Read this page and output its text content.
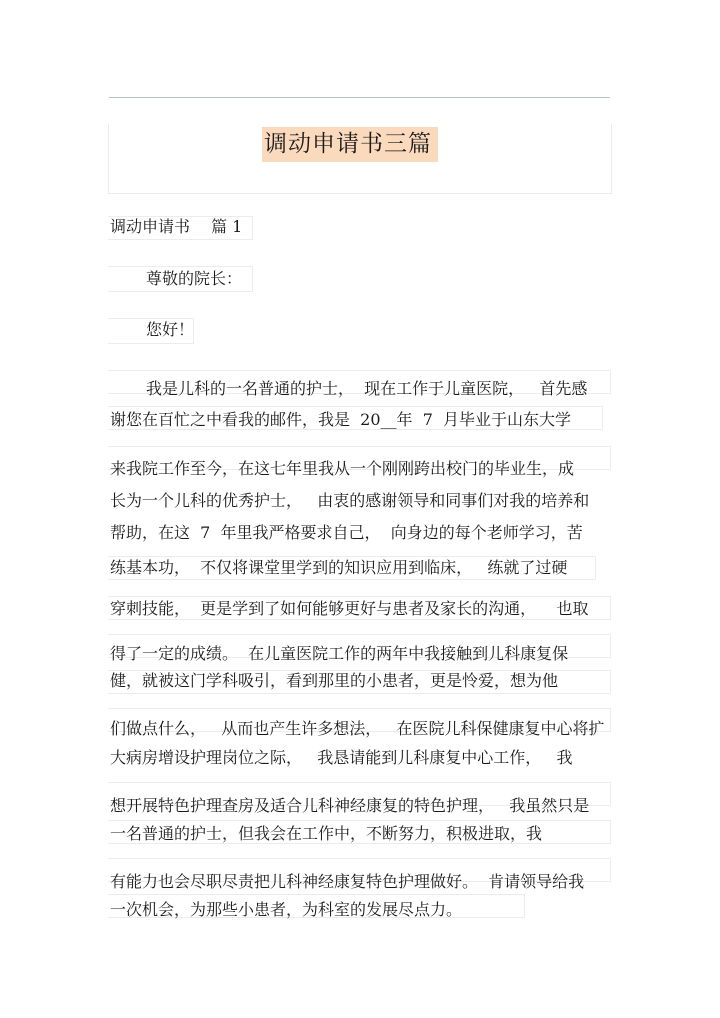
调动申请书三篇
调动申请书　 篇 1
尊敬的院长：
您好！
我是儿科的一名普通的护士，  现在工作于儿童医院，   首先感
谢您在百忙之中看我的邮件，我是  20__年  7  月毕业于山东大学
来我院工作至今，在这七年里我从一个刚刚跨出校门的毕业生，成
长为一个儿科的优秀护士，   由衷的感谢领导和同事们对我的培养和
帮助，在这  7  年里我严格要求自己，  向身边的每个老师学习，苦
练基本功，  不仅将课堂里学到的知识应用到临床，   练就了过硬
穿刺技能，  更是学到了如何能够更好与患者及家长的沟通，    也取
得了一定的成绩。  在儿童医院工作的两年中我接触到儿科康复保
健，就被这门学科吸引，看到那里的小患者，更是怜爱，想为他
们做点什么，   从而也产生许多想法，   在医院儿科保健康复中心将扩
大病房增设护理岗位之际，   我恳请能到儿科康复中心工作，   我
想开展特色护理查房及适合儿科神经康复的特色护理，   我虽然只是
一名普通的护士，但我会在工作中，不断努力，积极进取，我
有能力也会尽职尽责把儿科神经康复特色护理做好。  肯请领导给我
一次机会，为那些小患者，为科室的发展尽点力。
